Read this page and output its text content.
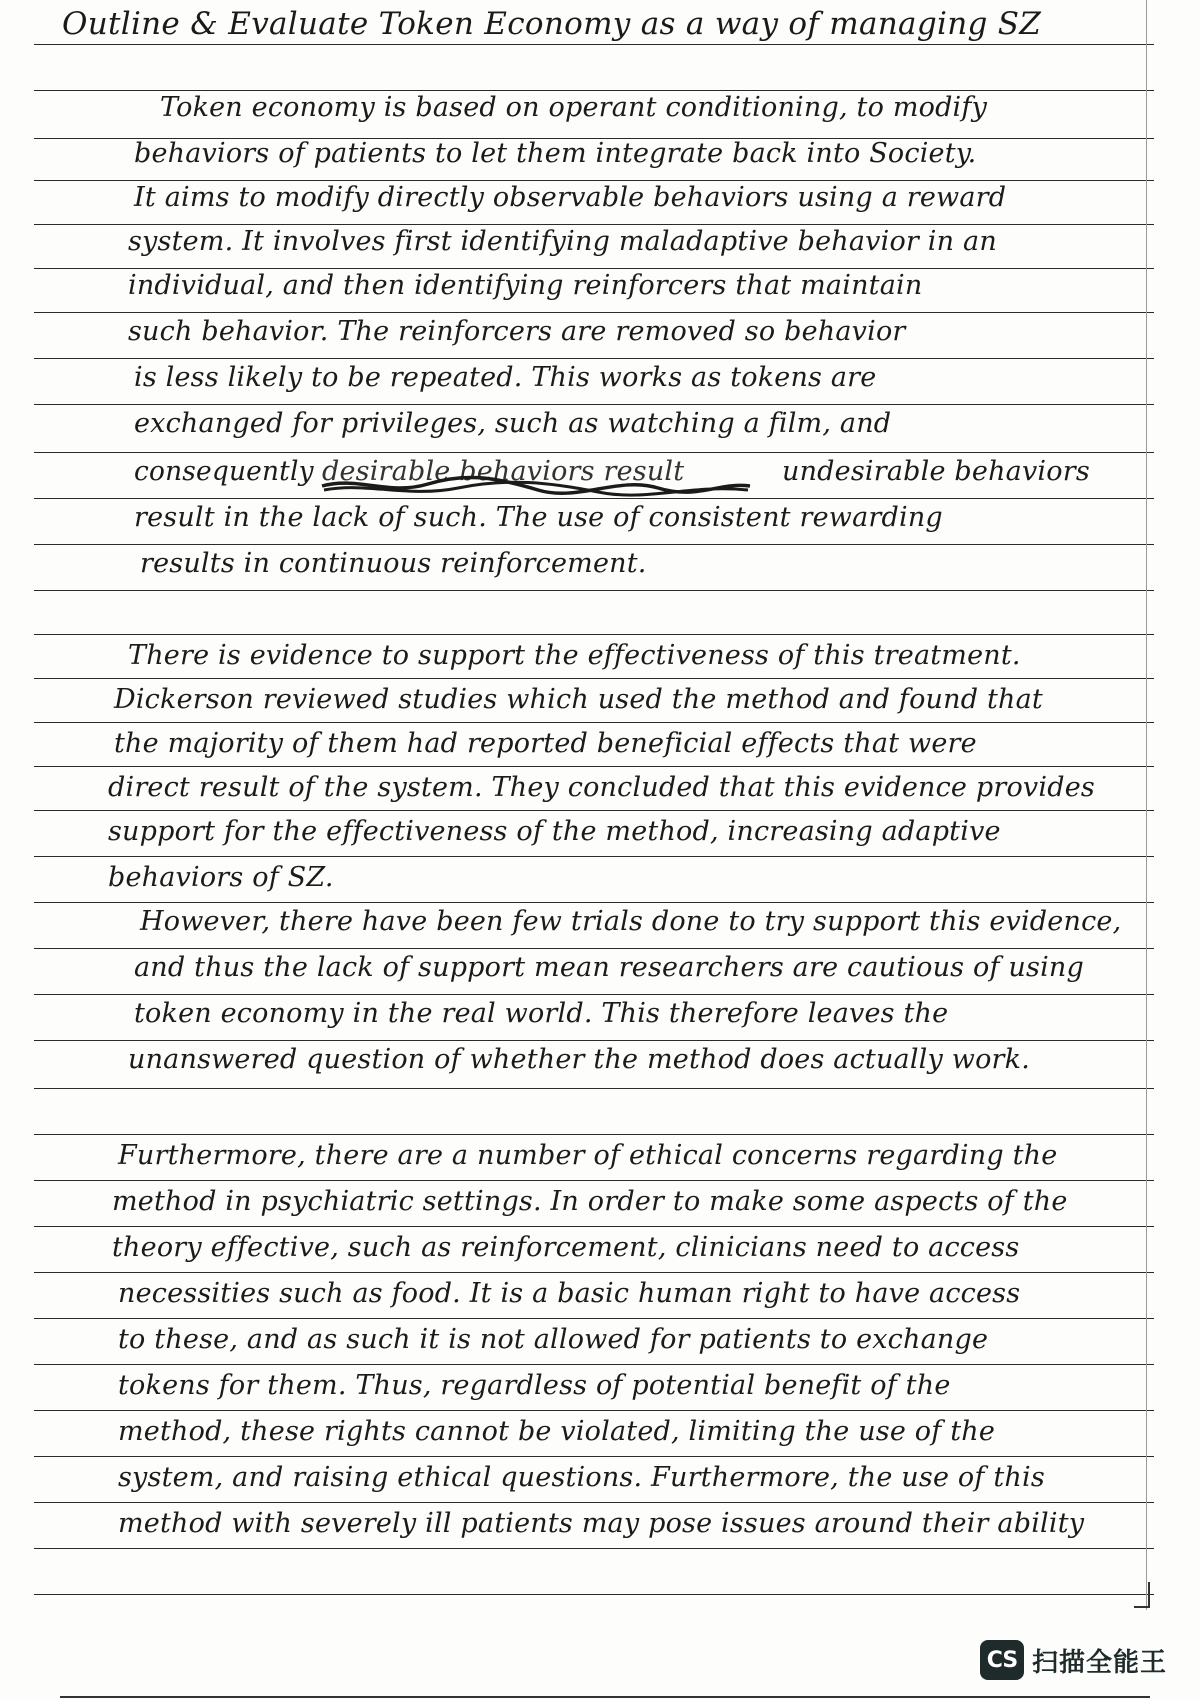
Outline & Evaluate Token Economy as a way of managing SZ
Token economy is based on operant conditioning, to modify
behaviors of patients to let them integrate back into Society.
It aims to modify directly observable behaviors using a reward
system. It involves first identifying maladaptive behavior in an
individual, and then identifying reinforcers that maintain
such behavior. The reinforcers are removed so behavior
is less likely to be repeated. This works as tokens are
exchanged for privileges, such as watching a film, and
consequently desirable behaviors result	undesirable behaviors
result in the lack of such. The use of consistent rewarding
results in continuous reinforcement.
There is evidence to support the effectiveness of this treatment.
Dickerson reviewed studies which used the method and found that
the majority of them had reported beneficial effects that were
direct result of the system. They concluded that this evidence provides
support for the effectiveness of the method, increasing adaptive
behaviors of SZ.
However, there have been few trials done to try support this evidence,
and thus the lack of support mean researchers are cautious of using
token economy in the real world. This therefore leaves the
unanswered question of whether the method does actually work.
Furthermore, there are a number of ethical concerns regarding the
method in psychiatric settings. In order to make some aspects of the
theory effective, such as reinforcement, clinicians need to access
necessities such as food. It is a basic human right to have access
to these, and as such it is not allowed for patients to exchange
tokens for them. Thus, regardless of potential benefit of the
method, these rights cannot be violated, limiting the use of the
system, and raising ethical questions. Furthermore, the use of this
method with severely ill patients may pose issues around their ability
CS 扫描全能王
